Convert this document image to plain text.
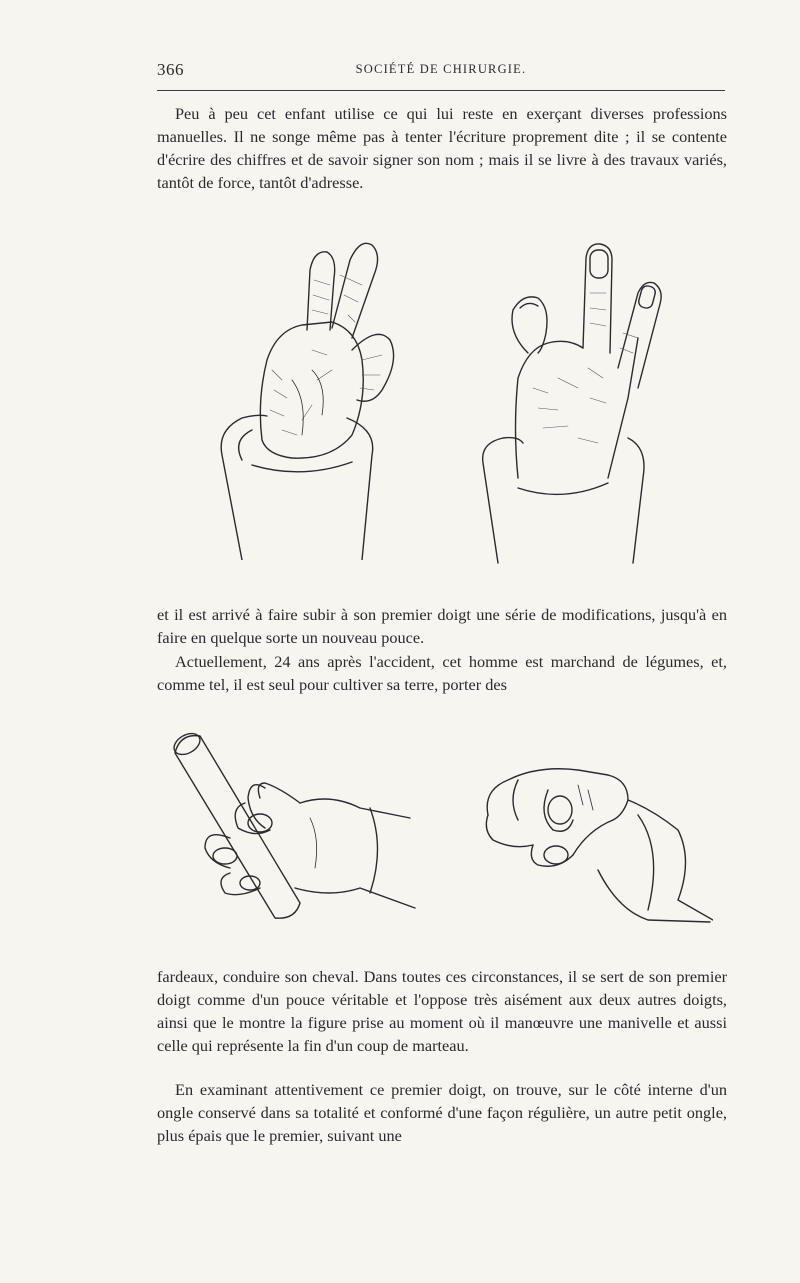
366	SOCIÉTÉ DE CHIRURGIE.

Peu à peu cet enfant utilise ce qui lui reste en exerçant diverses professions manuelles. Il ne songe même pas à tenter l'écriture proprement dite ; il se contente d'écrire des chiffres et de savoir signer son nom ; mais il se livre à des travaux variés, tantôt de force, tantôt d'adresse.

et il est arrivé à faire subir à son premier doigt une série de modifications, jusqu'à en faire en quelque sorte un nouveau pouce.

Actuellement, 24 ans après l'accident, cet homme est marchand de légumes, et, comme tel, il est seul pour cultiver sa terre, porter des

fardeaux, conduire son cheval. Dans toutes ces circonstances, il se sert de son premier doigt comme d'un pouce véritable et l'oppose très aisément aux deux autres doigts, ainsi que le montre la figure prise au moment où il manœuvre une manivelle et aussi celle qui représente la fin d'un coup de marteau.

En examinant attentivement ce premier doigt, on trouve, sur le côté interne d'un ongle conservé dans sa totalité et conformé d'une façon régulière, un autre petit ongle, plus épais que le premier, suivant une
